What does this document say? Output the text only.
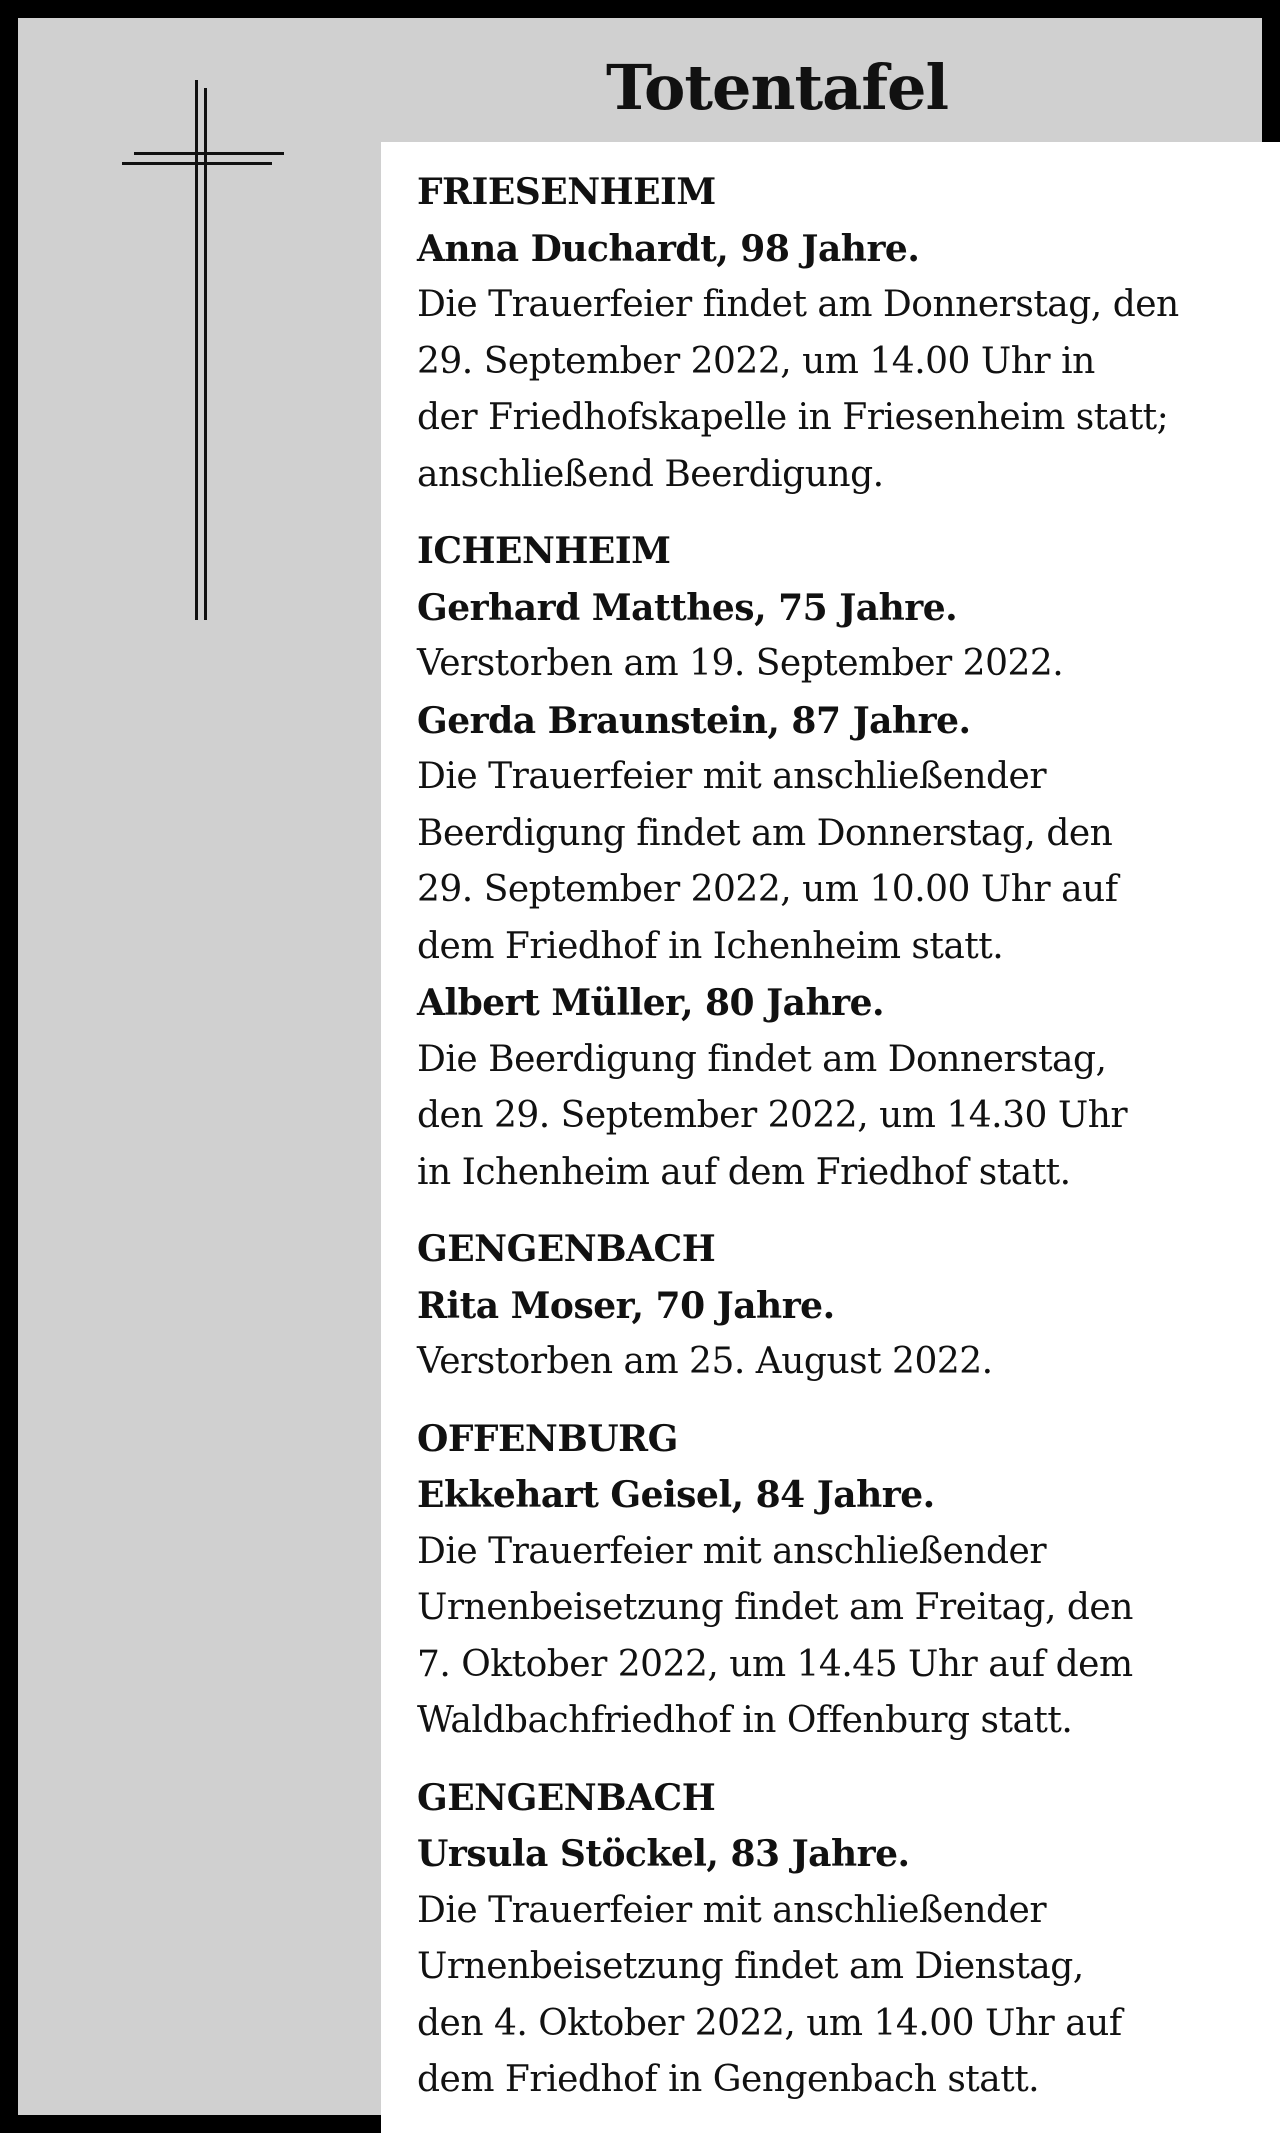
Totentafel
FRIESENHEIM
Anna Duchardt, 98 Jahre.
Die Trauerfeier findet am Donnerstag, den
29. September 2022, um 14.00 Uhr in
der Friedhofskapelle in Friesenheim statt;
anschließend Beerdigung.
ICHENHEIM
Gerhard Matthes, 75 Jahre.
Verstorben am 19. September 2022.
Gerda Braunstein, 87 Jahre.
Die Trauerfeier mit anschließender
Beerdigung findet am Donnerstag, den
29. September 2022, um 10.00 Uhr auf
dem Friedhof in Ichenheim statt.
Albert Müller, 80 Jahre.
Die Beerdigung findet am Donnerstag,
den 29. September 2022, um 14.30 Uhr
in Ichenheim auf dem Friedhof statt.
GENGENBACH
Rita Moser, 70 Jahre.
Verstorben am 25. August 2022.
OFFENBURG
Ekkehart Geisel, 84 Jahre.
Die Trauerfeier mit anschließender
Urnenbeisetzung findet am Freitag, den
7. Oktober 2022, um 14.45 Uhr auf dem
Waldbachfriedhof in Offenburg statt.
GENGENBACH
Ursula Stöckel, 83 Jahre.
Die Trauerfeier mit anschließender
Urnenbeisetzung findet am Dienstag,
den 4. Oktober 2022, um 14.00 Uhr auf
dem Friedhof in Gengenbach statt.
